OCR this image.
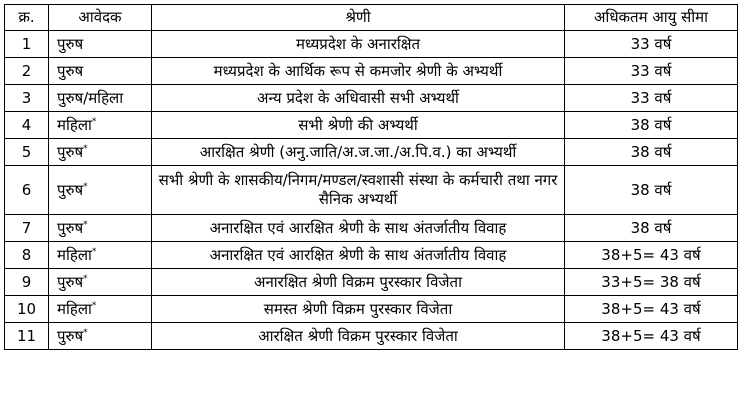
क्र.	आवेदक	श्रेणी	अधिकतम आयु सीमा
1	पुरुष	मध्यप्रदेश के अनारक्षित	33 वर्ष
2	पुरुष	मध्यप्रदेश के आर्थिक रूप से कमजोर श्रेणी के अभ्यर्थी	33 वर्ष
3	पुरुष/महिला	अन्य प्रदेश के अधिवासी सभी अभ्यर्थी	33 वर्ष
4	महिला*	सभी श्रेणी की अभ्यर्थी	38 वर्ष
5	पुरुष*	आरक्षित श्रेणी (अनु.जाति/अ.ज.जा./अ.पि.व.) का अभ्यर्थी	38 वर्ष
6	पुरुष*	सभी श्रेणी के शासकीय/निगम/मण्डल/स्वशासी संस्था के कर्मचारी तथा नगर सैनिक अभ्यर्थी	38 वर्ष
7	पुरुष*	अनारक्षित एवं आरक्षित श्रेणी के साथ अंतर्जातीय विवाह	38 वर्ष
8	महिला*	अनारक्षित एवं आरक्षित श्रेणी के साथ अंतर्जातीय विवाह	38+5= 43 वर्ष
9	पुरुष*	अनारक्षित श्रेणी विक्रम पुरस्कार विजेता	33+5= 38 वर्ष
10	महिला*	समस्त श्रेणी विक्रम पुरस्कार विजेता	38+5= 43 वर्ष
11	पुरुष*	आरक्षित श्रेणी विक्रम पुरस्कार विजेता	38+5= 43 वर्ष
